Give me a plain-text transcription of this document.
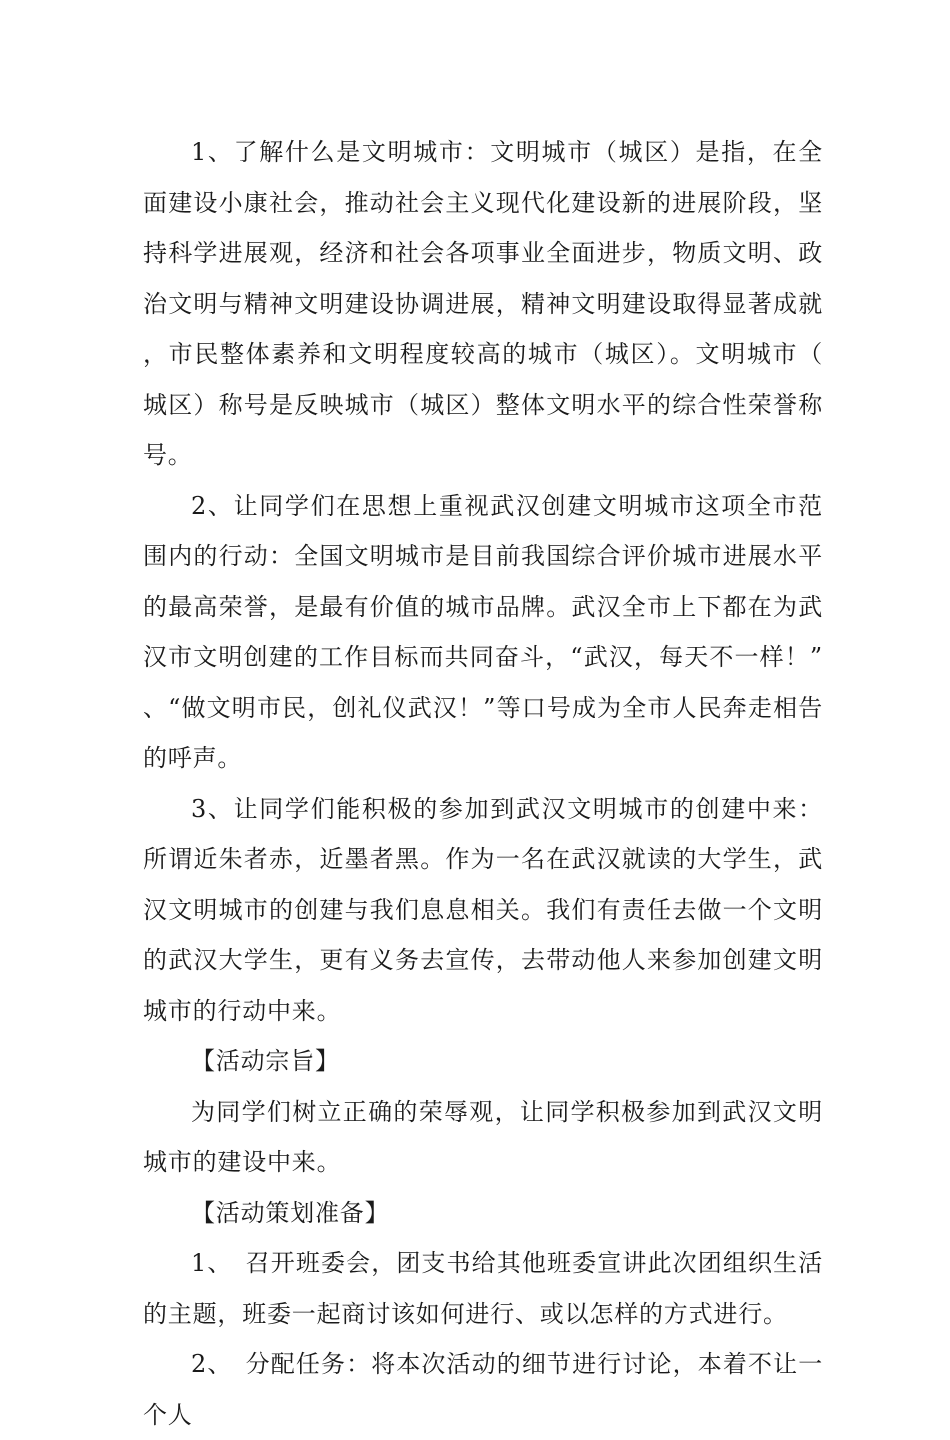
1、了解什么是文明城市：文明城市（城区）是指，在全面建设小康社会，推动社会主义现代化建设新的进展阶段，坚持科学进展观，经济和社会各项事业全面进步，物质文明、政治文明与精神文明建设协调进展，精神文明建设取得显著成就，市民整体素养和文明程度较高的城市（城区）。文明城市（城区）称号是反映城市（城区）整体文明水平的综合性荣誉称号。

2、让同学们在思想上重视武汉创建文明城市这项全市范围内的行动：全国文明城市是目前我国综合评价城市进展水平的最高荣誉，是最有价值的城市品牌。武汉全市上下都在为武汉市文明创建的工作目标而共同奋斗，“武汉，每天不一样！”、“做文明市民，创礼仪武汉！”等口号成为全市人民奔走相告的呼声。

3、让同学们能积极的参加到武汉文明城市的创建中来：所谓近朱者赤，近墨者黑。作为一名在武汉就读的大学生，武汉文明城市的创建与我们息息相关。我们有责任去做一个文明的武汉大学生，更有义务去宣传，去带动他人来参加创建文明城市的行动中来。

【活动宗旨】

为同学们树立正确的荣辱观，让同学积极参加到武汉文明城市的建设中来。

【活动策划准备】

1、　召开班委会，团支书给其他班委宣讲此次团组织生活的主题，班委一起商讨该如何进行、或以怎样的方式进行。

2、　分配任务：将本次活动的细节进行讨论，本着不让一个人
